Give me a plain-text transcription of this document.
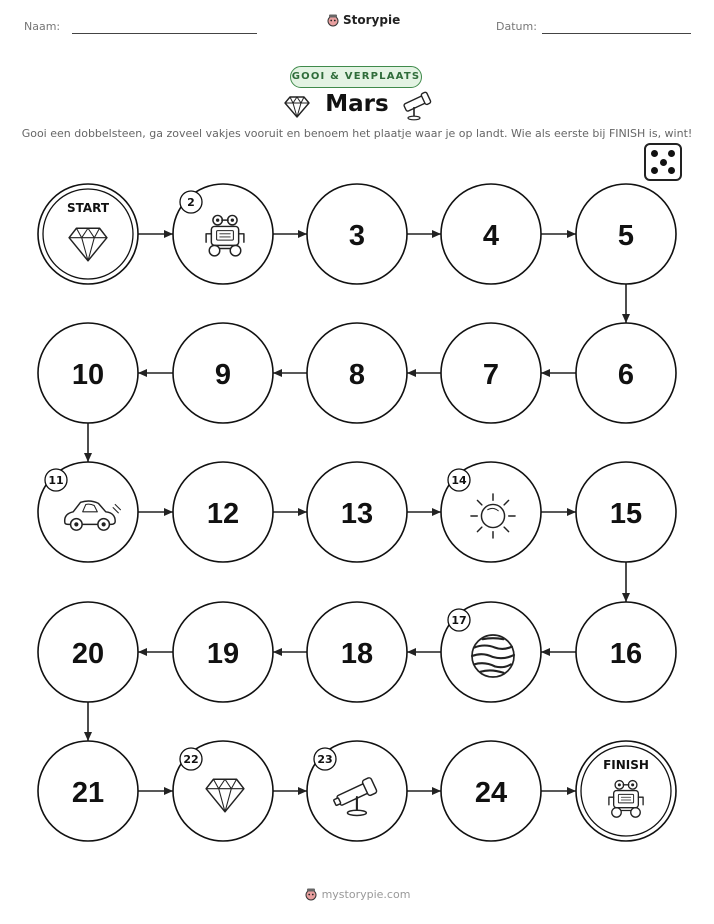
Naam:	Storypie	Datum:
GOOI & VERPLAATS
Mars
Gooi een dobbelsteen, ga zoveel vakjes vooruit en benoem het plaatje waar je op landt. Wie als eerste bij FINISH is, wint!
START	2
3	4	5
10	9	8	7	6
11
12	13
14
15
20	19	18
17
16
21
22	23
24
FINISH
mystorypie.com
